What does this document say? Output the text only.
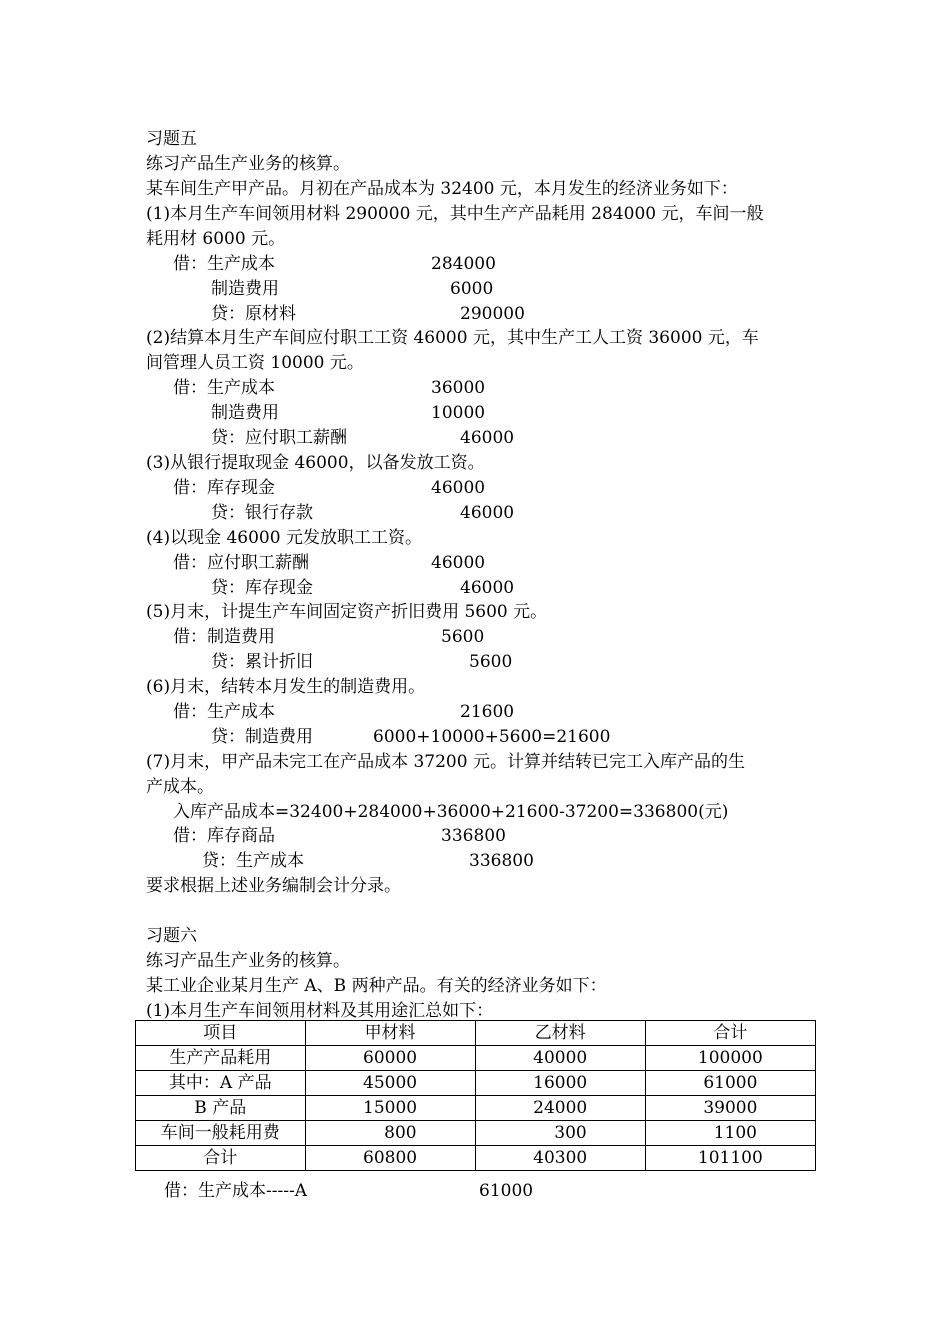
习题五
练习产品生产业务的核算。
某车间生产甲产品。月初在产品成本为 32400 元，本月发生的经济业务如下：
(1)本月生产车间领用材料 290000 元，其中生产产品耗用 284000 元，车间一般
耗用材 6000 元。
借：生产成本	284000
制造费用	6000
贷：原材料	290000
(2)结算本月生产车间应付职工工资 46000 元，其中生产工人工资 36000 元，车
间管理人员工资 10000 元。
借：生产成本	36000
制造费用	10000
贷：应付职工薪酬	46000
(3)从银行提取现金 46000，以备发放工资。
借：库存现金	46000
贷：银行存款	46000
(4)以现金 46000 元发放职工工资。
借：应付职工薪酬	46000
贷：库存现金	46000
(5)月末，计提生产车间固定资产折旧费用 5600 元。
借：制造费用	5600
贷：累计折旧	5600
(6)月末，结转本月发生的制造费用。
借：生产成本	21600
贷：制造费用	6000+10000+5600=21600
(7)月末，甲产品未完工在产品成本 37200 元。计算并结转已完工入库产品的生
产成本。
入库产品成本=32400+284000+36000+21600-37200=336800(元)
借：库存商品	336800
贷：生产成本	336800
要求根据上述业务编制会计分录。
习题六
练习产品生产业务的核算。
某工业企业某月生产 A、B 两种产品。有关的经济业务如下：
(1)本月生产车间领用材料及其用途汇总如下：
项目	甲材料	乙材料	合计
生产产品耗用	60000	40000	100000
其中：A 产品	45000	16000	61000
B 产品	15000	24000	39000
车间一般耗用费	800	300	1100
合计	60800	40300	101100
借：生产成本-----A	61000
